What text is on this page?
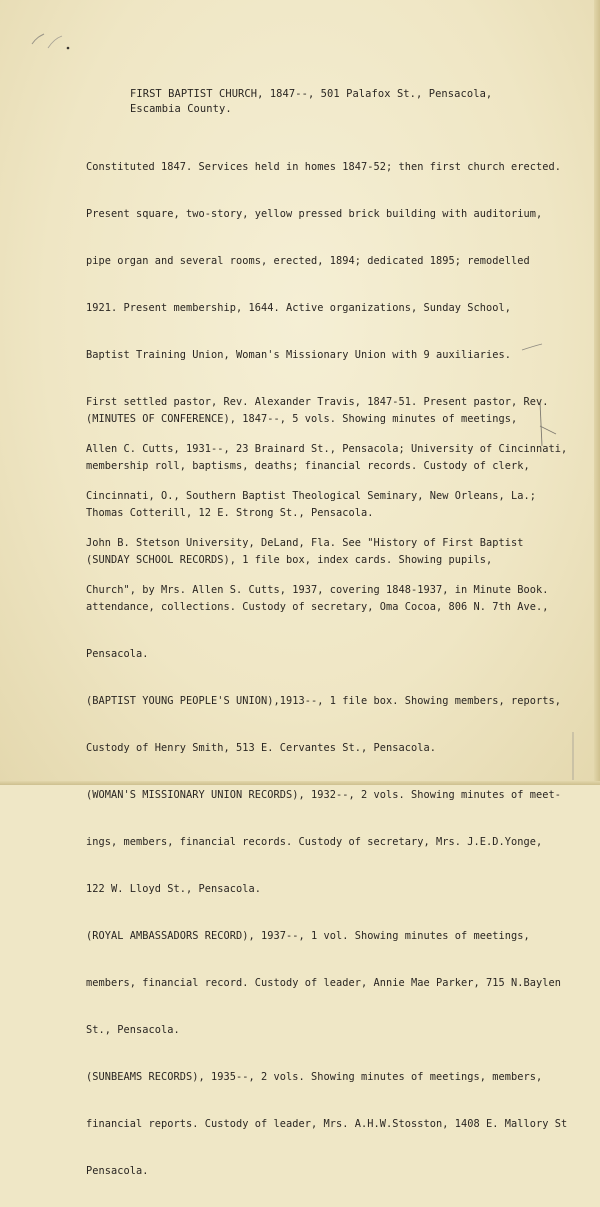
FIRST BAPTIST CHURCH, 1847--, 501 Palafox St., Pensacola,
Escambia County.

Constituted 1847. Services held in homes 1847-52; then first church erected.

Present square, two-story, yellow pressed brick building with auditorium,

pipe organ and several rooms, erected, 1894; dedicated 1895; remodelled

1921. Present membership, 1644. Active organizations, Sunday School,

Baptist Training Union, Woman's Missionary Union with 9 auxiliaries.

First settled pastor, Rev. Alexander Travis, 1847-51. Present pastor, Rev.

Allen C. Cutts, 1931--, 23 Brainard St., Pensacola; University of Cincinnati,

Cincinnati, O., Southern Baptist Theological Seminary, New Orleans, La.;

John B. Stetson University, DeLand, Fla. See "History of First Baptist

Church", by Mrs. Allen S. Cutts, 1937, covering 1848-1937, in Minute Book.

(MINUTES OF CONFERENCE), 1847--, 5 vols. Showing minutes of meetings,

membership roll, baptisms, deaths; financial records. Custody of clerk,

Thomas Cotterill, 12 E. Strong St., Pensacola.

(SUNDAY SCHOOL RECORDS), 1 file box, index cards. Showing pupils,

attendance, collections. Custody of secretary, Oma Cocoa, 806 N. 7th Ave.,

Pensacola.

(BAPTIST YOUNG PEOPLE'S UNION),1913--, 1 file box. Showing members, reports,

Custody of Henry Smith, 513 E. Cervantes St., Pensacola.

(WOMAN'S MISSIONARY UNION RECORDS), 1932--, 2 vols. Showing minutes of meet-

ings, members, financial records. Custody of secretary, Mrs. J.E.D.Yonge,

122 W. Lloyd St., Pensacola.

(ROYAL AMBASSADORS RECORD), 1937--, 1 vol. Showing minutes of meetings,

members, financial record. Custody of leader, Annie Mae Parker, 715 N.Baylen

St., Pensacola.

(SUNBEAMS RECORDS), 1935--, 2 vols. Showing minutes of meetings, members,

financial reports. Custody of leader, Mrs. A.H.W.Stosston, 1408 E. Mallory St

Pensacola.
